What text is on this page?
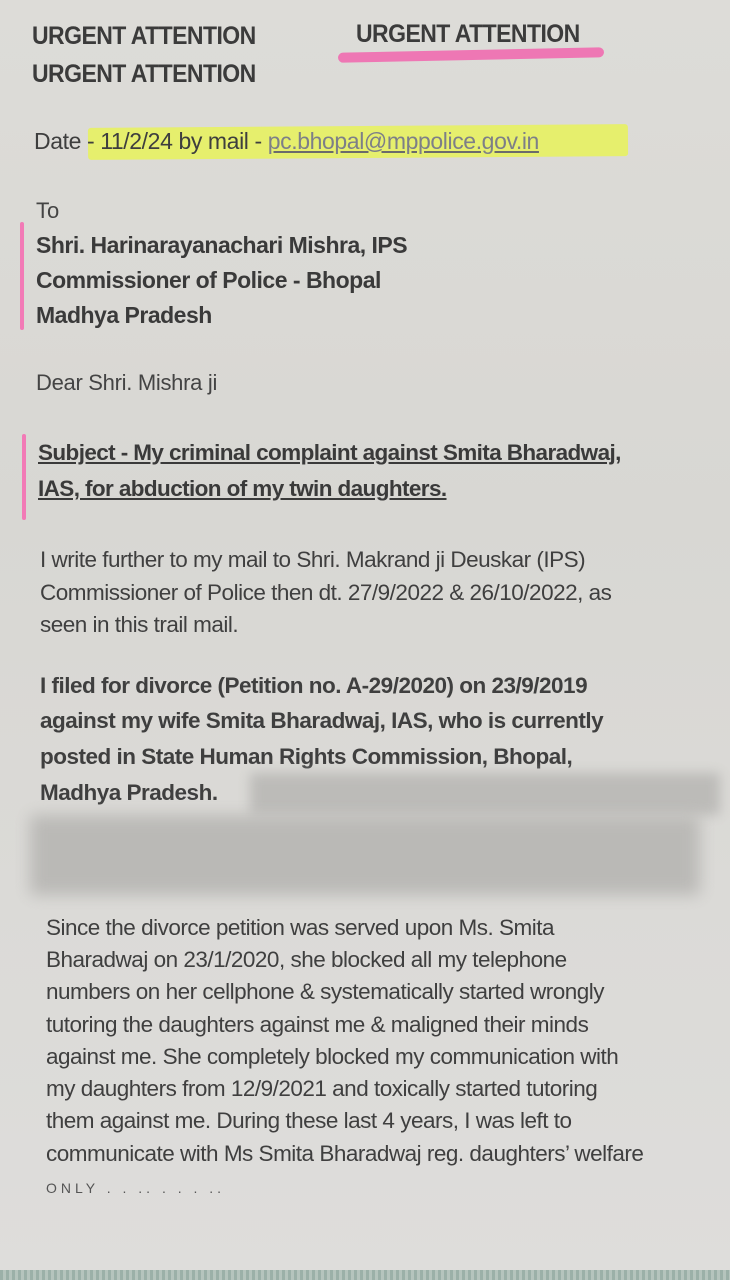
URGENT ATTENTION	URGENT ATTENTION
URGENT ATTENTION
Date - 11/2/24 by mail - pc.bhopal@mppolice.gov.in
To
Shri. Harinarayanachari Mishra, IPS
Commissioner of Police - Bhopal
Madhya Pradesh
Dear Shri. Mishra ji
Subject - My criminal complaint against Smita Bharadwaj,
IAS, for abduction of my twin daughters.
I write further to my mail to Shri. Makrand ji Deuskar (IPS)
Commissioner of Police then dt. 27/9/2022 & 26/10/2022, as
seen in this trail mail.
I filed for divorce (Petition no. A-29/2020) on 23/9/2019
against my wife Smita Bharadwaj, IAS, who is currently
posted in State Human Rights Commission, Bhopal,
Madhya Pradesh.
Since the divorce petition was served upon Ms. Smita
Bharadwaj on 23/1/2020, she blocked all my telephone
numbers on her cellphone & systematically started wrongly
tutoring the daughters against me & maligned their minds
against me. She completely blocked my communication with
my daughters from 12/9/2021 and toxically started tutoring
them against me. During these last 4 years, I was left to
communicate with Ms Smita Bharadwaj reg. daughters’ welfare
ONLY . . .. . . . ..
